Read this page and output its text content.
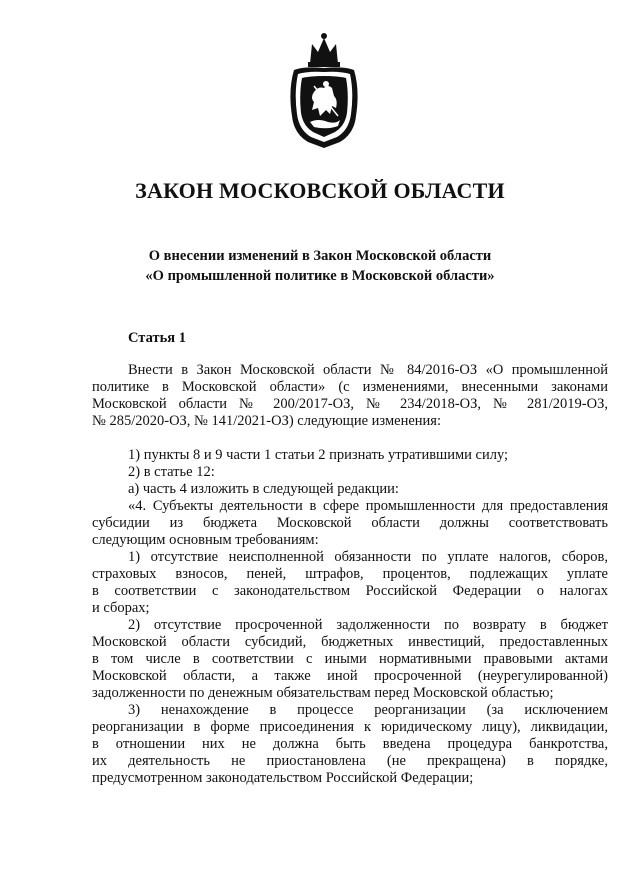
ЗАКОН МОСКОВСКОЙ ОБЛАСТИ
О внесении изменений в Закон Московской области
«О промышленной политике в Московской области»
Статья 1
Внести в Закон Московской области № 84/2016-ОЗ «О промышленной
политике в Московской области» (с изменениями, внесенными законами
Московской области № 200/2017-ОЗ, № 234/2018-ОЗ, № 281/2019-ОЗ,
№ 285/2020-ОЗ, № 141/2021-ОЗ) следующие изменения:
1) пункты 8 и 9 части 1 статьи 2 признать утратившими силу;
2) в статье 12:
а) часть 4 изложить в следующей редакции:
«4. Субъекты деятельности в сфере промышленности для предоставления
субсидии из бюджета Московской области должны соответствовать
следующим основным требованиям:
1) отсутствие неисполненной обязанности по уплате налогов, сборов,
страховых взносов, пеней, штрафов, процентов, подлежащих уплате
в соответствии с законодательством Российской Федерации о налогах
и сборах;
2) отсутствие просроченной задолженности по возврату в бюджет
Московской области субсидий, бюджетных инвестиций, предоставленных
в том числе в соответствии с иными нормативными правовыми актами
Московской области, а также иной просроченной (неурегулированной)
задолженности по денежным обязательствам перед Московской областью;
3) ненахождение в процессе реорганизации (за исключением
реорганизации в форме присоединения к юридическому лицу), ликвидации,
в отношении них не должна быть введена процедура банкротства,
их деятельность не приостановлена (не прекращена) в порядке,
предусмотренном законодательством Российской Федерации;
